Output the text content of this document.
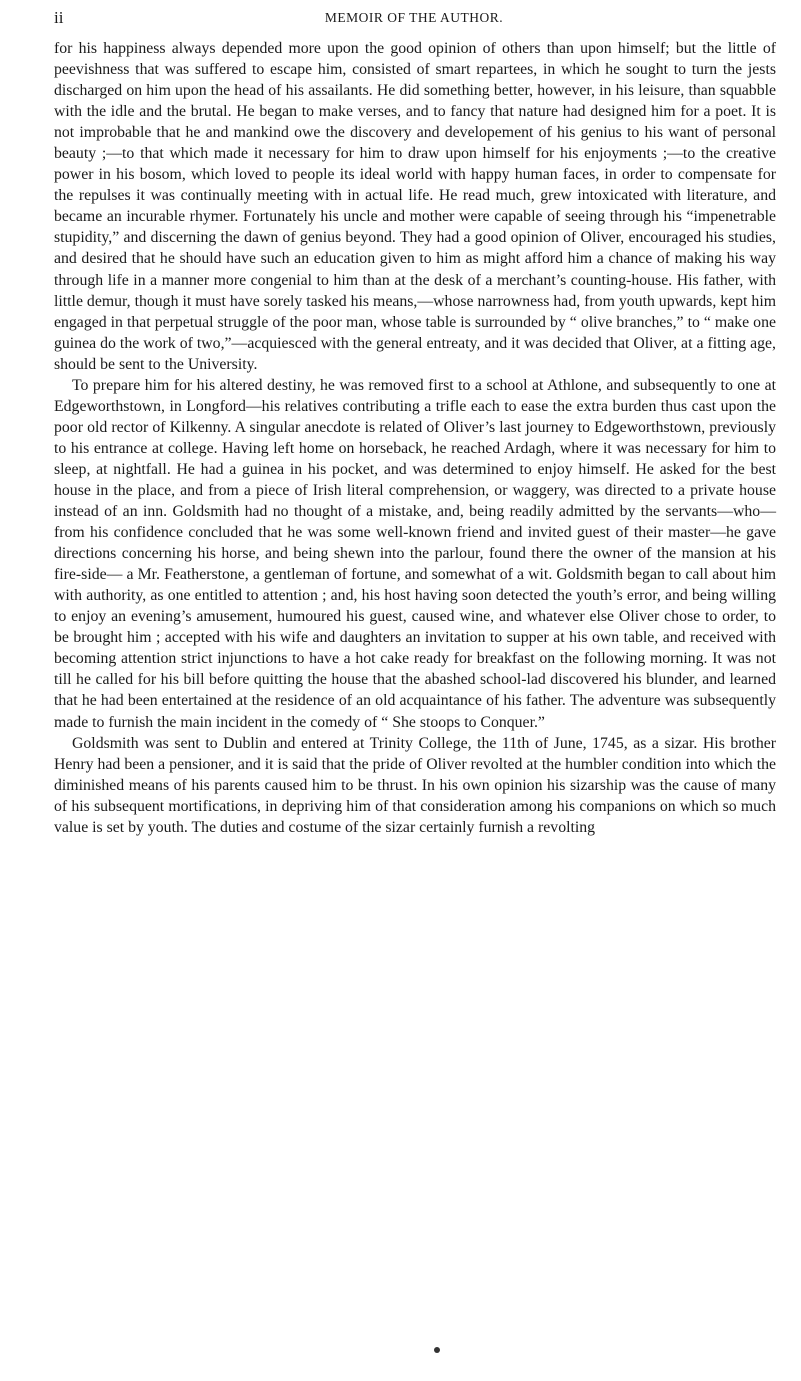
ii	MEMOIR OF THE AUTHOR.

for his happiness always depended more upon the good opinion of others than upon himself; but the little of peevishness that was suffered to escape him, consisted of smart repartees, in which he sought to turn the jests discharged on him upon the head of his assailants. He did something better, however, in his leisure, than squabble with the idle and the brutal. He began to make verses, and to fancy that nature had designed him for a poet. It is not improbable that he and mankind owe the discovery and developement of his genius to his want of personal beauty ;—to that which made it necessary for him to draw upon himself for his enjoyments ;—to the creative power in his bosom, which loved to people its ideal world with happy human faces, in order to compensate for the repulses it was continually meeting with in actual life. He read much, grew intoxicated with literature, and became an incurable rhymer. Fortunately his uncle and mother were capable of seeing through his “impenetrable stupidity,” and discerning the dawn of genius beyond. They had a good opinion of Oliver, encouraged his studies, and desired that he should have such an education given to him as might afford him a chance of making his way through life in a manner more congenial to him than at the desk of a merchant’s counting-house. His father, with little demur, though it must have sorely tasked his means,—whose narrowness had, from youth upwards, kept him engaged in that perpetual struggle of the poor man, whose table is surrounded by “ olive branches,” to “ make one guinea do the work of two,”—acquiesced with the general entreaty, and it was decided that Oliver, at a fitting age, should be sent to the University.

To prepare him for his altered destiny, he was removed first to a school at Athlone, and subsequently to one at Edgeworthstown, in Longford—his relatives contributing a trifle each to ease the extra burden thus cast upon the poor old rector of Kilkenny. A singular anecdote is related of Oliver’s last journey to Edgeworthstown, previously to his entrance at college. Having left home on horseback, he reached Ardagh, where it was necessary for him to sleep, at nightfall. He had a guinea in his pocket, and was determined to enjoy himself. He asked for the best house in the place, and from a piece of Irish literal comprehension, or waggery, was directed to a private house instead of an inn. Goldsmith had no thought of a mistake, and, being readily admitted by the servants—who—from his confidence concluded that he was some well-known friend and invited guest of their master—he gave directions concerning his horse, and being shewn into the parlour, found there the owner of the mansion at his fire-side— a Mr. Featherstone, a gentleman of fortune, and somewhat of a wit. Goldsmith began to call about him with authority, as one entitled to attention ; and, his host having soon detected the youth’s error, and being willing to enjoy an evening’s amusement, humoured his guest, caused wine, and whatever else Oliver chose to order, to be brought him ; accepted with his wife and daughters an invitation to supper at his own table, and received with becoming attention strict injunctions to have a hot cake ready for breakfast on the following morning. It was not till he called for his bill before quitting the house that the abashed school-lad discovered his blunder, and learned that he had been entertained at the residence of an old acquaintance of his father. The adventure was subsequently made to furnish the main incident in the comedy of “ She stoops to Conquer.”

Goldsmith was sent to Dublin and entered at Trinity College, the 11th of June, 1745, as a sizar. His brother Henry had been a pensioner, and it is said that the pride of Oliver revolted at the humbler condition into which the diminished means of his parents caused him to be thrust. In his own opinion his sizarship was the cause of many of his subsequent mortifications, in depriving him of that consideration among his companions on which so much value is set by youth. The duties and costume of the sizar certainly furnish a revolting
